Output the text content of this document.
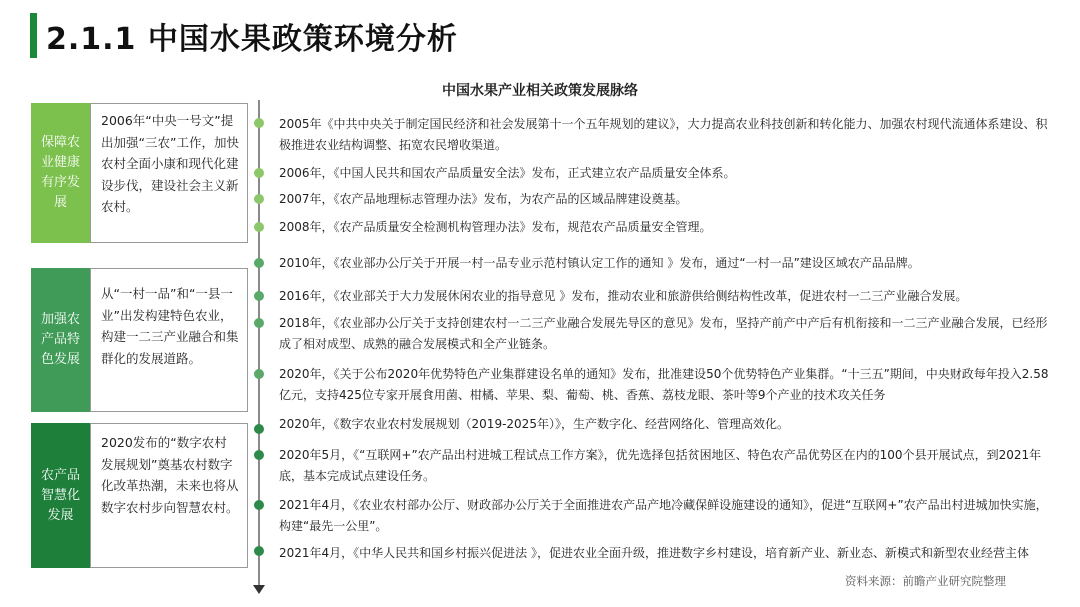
2.1.1 中国水果政策环境分析
中国水果产业相关政策发展脉络
保障农业健康有序发展
加强农产品特色发展
农产品智慧化发展
2006年“中央一号文”提出加强“三农”工作，加快农村全面小康和现代化建设步伐，建设社会主义新农村。
从“一村一品”和“一县一业”出发构建特色农业，构建一二三产业融合和集群化的发展道路。
2020发布的“数字农村发展规划”奠基农村数字化改革热潮，未来也将从数字农村步向智慧农村。
2005年《中共中央关于制定国民经济和社会发展第十一个五年规划的建议》，大力提高农业科技创新和转化能力、加强农村现代流通体系建设、积极推进农业结构调整、拓宽农民增收渠道。
2006年，《中国人民共和国农产品质量安全法》发布，正式建立农产品质量安全体系。
2007年，《农产品地理标志管理办法》发布，为农产品的区域品牌建设奠基。
2008年，《农产品质量安全检测机构管理办法》发布，规范农产品质量安全管理。
2010年，《农业部办公厅关于开展一村一品专业示范村镇认定工作的通知 》发布，通过“一村一品”建设区域农产品品牌。
2016年，《农业部关于大力发展休闲农业的指导意见 》发布，推动农业和旅游供给侧结构性改革，促进农村一二三产业融合发展。
2018年，《农业部办公厅关于支持创建农村一二三产业融合发展先导区的意见》发布，坚持产前产中产后有机衔接和一二三产业融合发展，已经形成了相对成型、成熟的融合发展模式和全产业链条。
2020年，《关于公布2020年优势特色产业集群建设名单的通知》发布，批准建设50个优势特色产业集群。“十三五”期间，中央财政每年投入2.58亿元，支持425位专家开展食用菌、柑橘、苹果、梨、葡萄、桃、香蕉、荔枝龙眼、茶叶等9个产业的技术攻关任务
2020年，《数字农业农村发展规划（2019-2025年）》，生产数字化、经营网络化、管理高效化。
2020年5月，《“互联网+”农产品出村进城工程试点工作方案》，优先选择包括贫困地区、特色农产品优势区在内的100个县开展试点，到2021年底，基本完成试点建设任务。
2021年4月，《农业农村部办公厅、财政部办公厅关于全面推进农产品产地冷藏保鲜设施建设的通知》，促进“互联网+”农产品出村进城加快实施，构建“最先一公里”。
2021年4月，《中华人民共和国乡村振兴促进法 》，促进农业全面升级，推进数字乡村建设，培育新产业、新业态、新模式和新型农业经营主体
资料来源：前瞻产业研究院整理
